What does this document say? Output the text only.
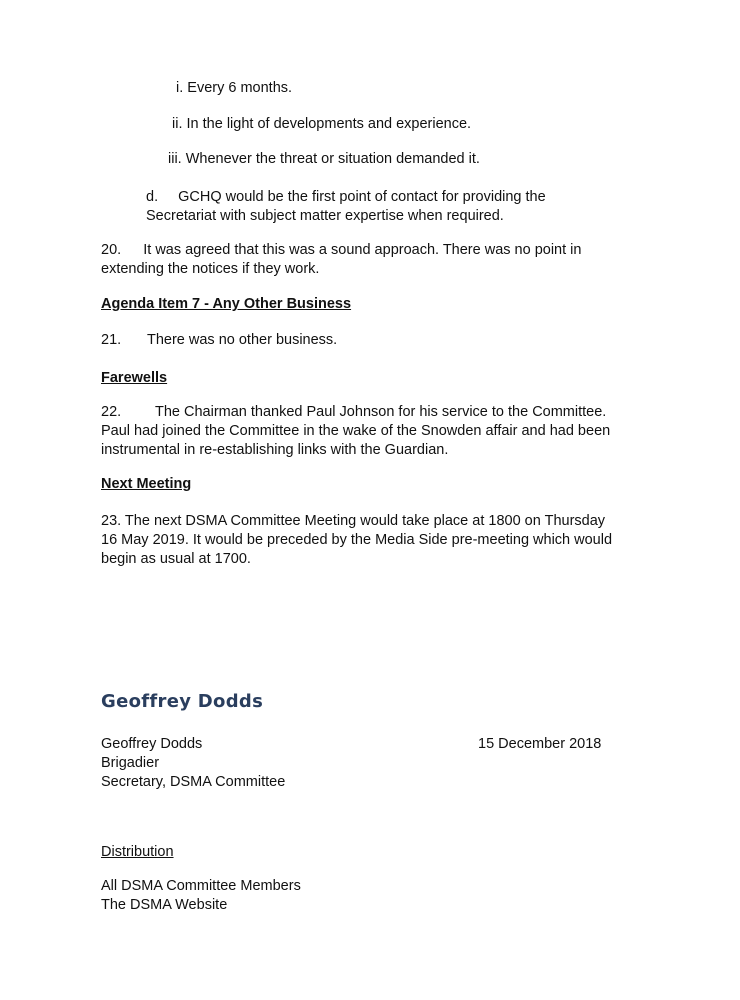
i. Every 6 months.
ii. In the light of developments and experience.
iii. Whenever the threat or situation demanded it.
d. GCHQ would be the first point of contact for providing the
Secretariat with subject matter expertise when required.
20. It was agreed that this was a sound approach. There was no point in
extending the notices if they work.
Agenda Item 7 - Any Other Business
21. There was no other business.
Farewells
22. The Chairman thanked Paul Johnson for his service to the Committee.
Paul had joined the Committee in the wake of the Snowden affair and had been
instrumental in re-establishing links with the Guardian.
Next Meeting
23. The next DSMA Committee Meeting would take place at 1800 on Thursday
16 May 2019. It would be preceded by the Media Side pre-meeting which would
begin as usual at 1700.
Geoffrey Dodds
Geoffrey Dodds
Brigadier
Secretary, DSMA Committee
15 December 2018
Distribution
All DSMA Committee Members
The DSMA Website
